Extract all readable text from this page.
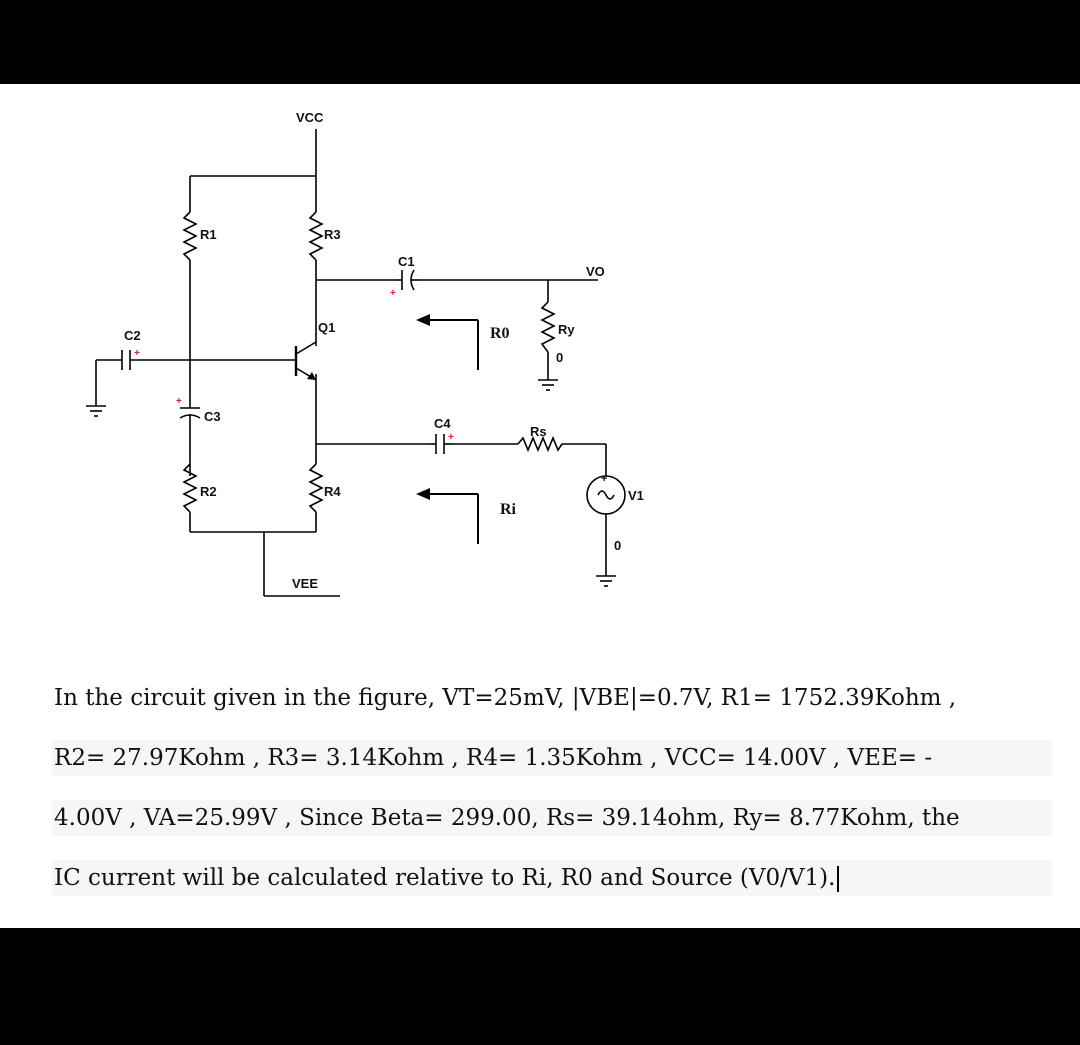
+
+
+
+
+
VCC
R1	R3
C1
VO
Q1
C2	R0	Ry
0
C3	C4
Rs
R2	R4	V1
Ri
0
VEE
In the circuit given in the figure, VT=25mV, |VBE|=0.7V, R1= 1752.39Kohm ,
R2= 27.97Kohm , R3= 3.14Kohm , R4= 1.35Kohm , VCC= 14.00V , VEE= -
4.00V , VA=25.99V , Since Beta= 299.00, Rs= 39.14ohm, Ry= 8.77Kohm, the
IC current will be calculated relative to Ri, R0 and Source (V0/V1).
